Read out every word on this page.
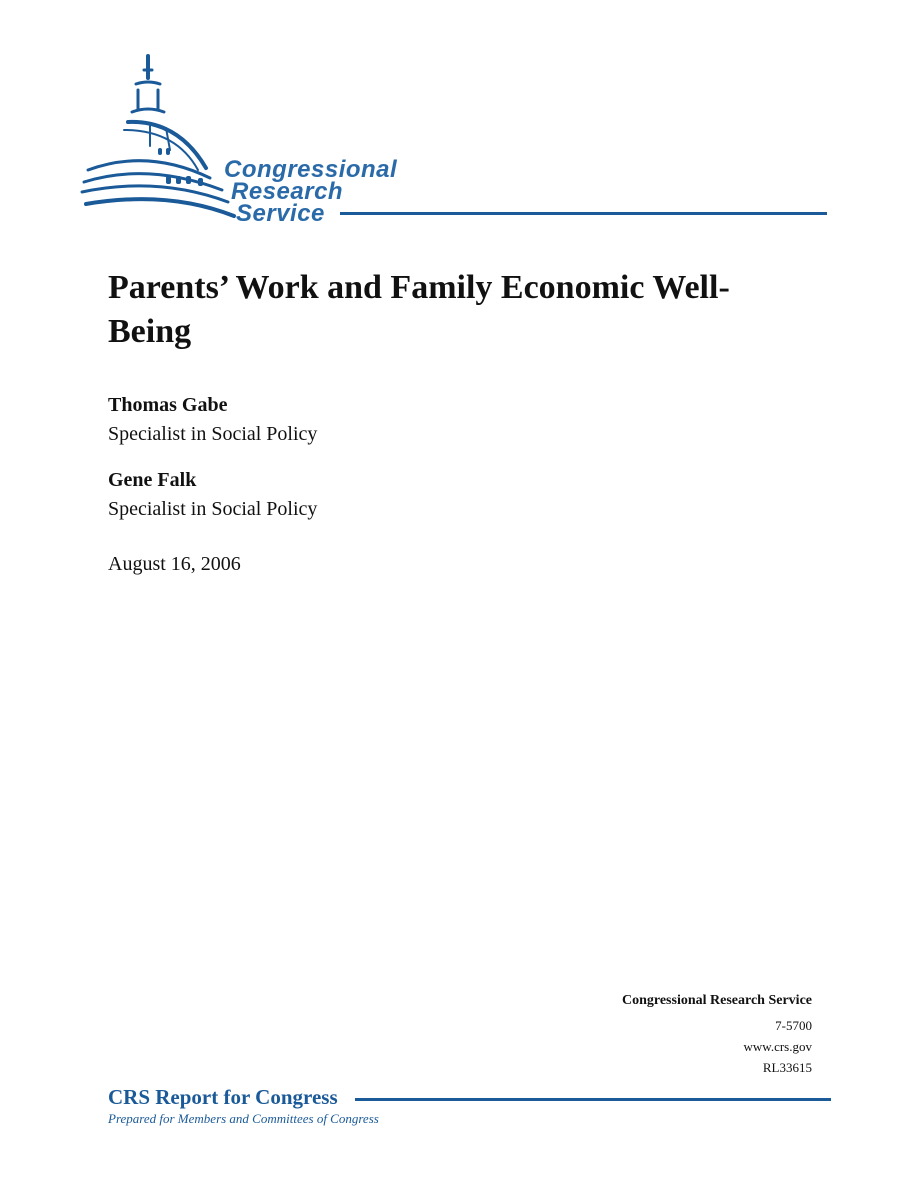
Congressional
Research
Service
Parents’ Work and Family Economic Well-Being
Thomas Gabe
Specialist in Social Policy
Gene Falk
Specialist in Social Policy
August 16, 2006
Congressional Research Service
7-5700
www.crs.gov
RL33615
CRS Report for Congress
Prepared for Members and Committees of Congress
